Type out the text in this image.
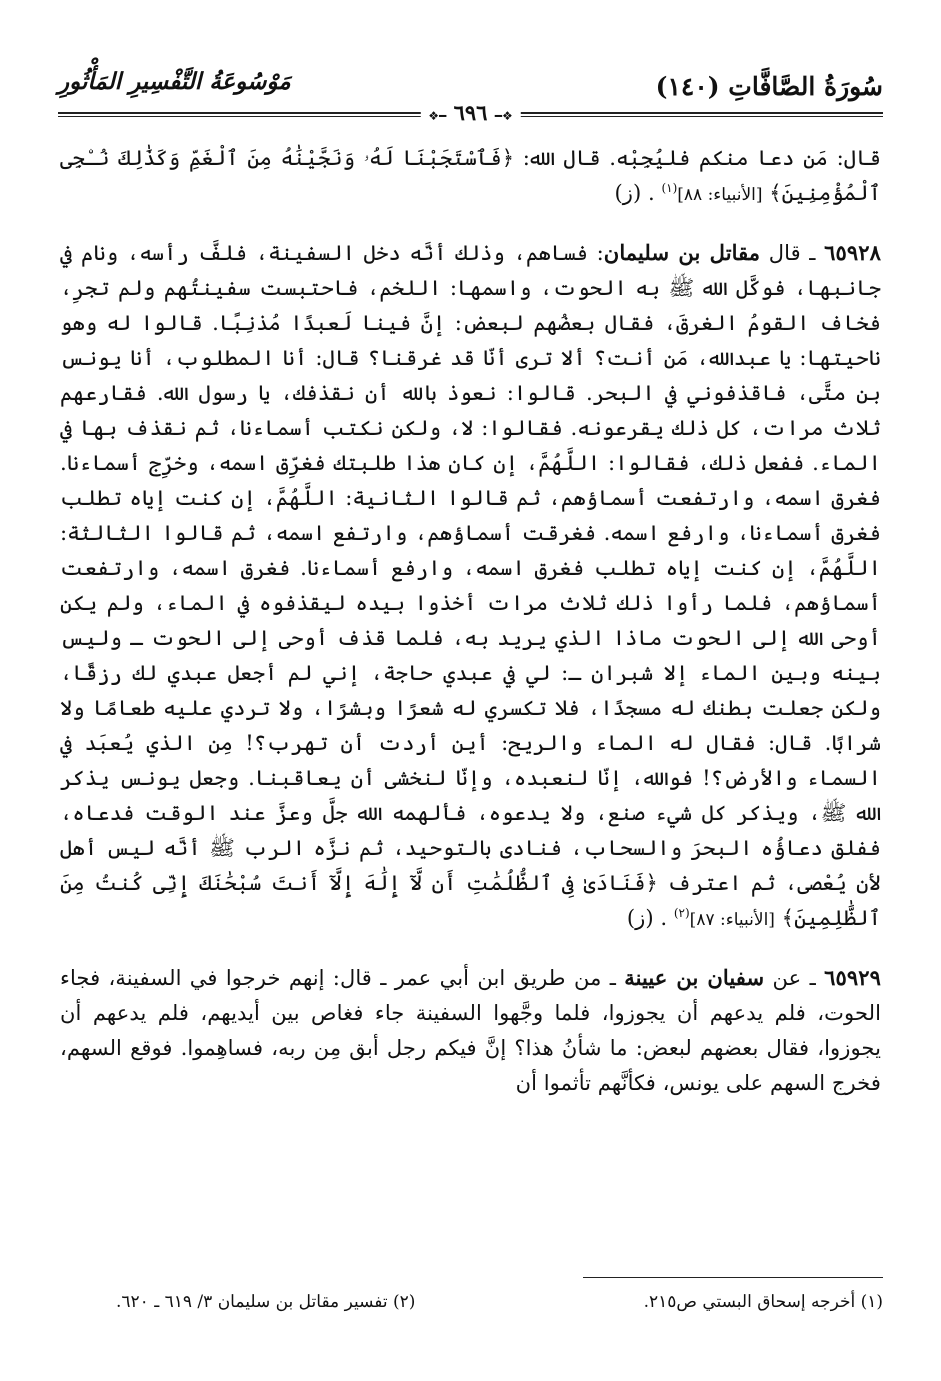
سُورَةُ الصَّافَّاتِ (١٤٠)
مَوْسُوعَةُ التَّفْسِيرِ المَأْثُورِ
❖━ ٦٩٦ ━❖

قال: مَن دعا منكم فليُجِبْه. قال الله: ﴿فَٱسْتَجَبْنَا لَهُۥ وَنَجَّيْنَٰهُ مِنَ ٱلْغَمِّ وَكَذَٰلِكَ نُـۨجِى ٱلْمُؤْمِنِينَ﴾ [الأنبياء: ٨٨]$^{(١)}$ . (ز)

٦٥٩٢٨ ـ قال مقاتل بن سليمان: فساهم، وذلك أنَّه دخل السفينة، فلفَّ رأسه، ونام في جانبها، فوكَّل الله ﷺ به الحوت، واسمها: اللخم، فاحتبست سفينتُهم ولم تجرِ، فخاف القومُ الغرقَ، فقال بعضُهم لبعض: إنَّ فينا لَعبدًا مُذنِبًا. قالوا له وهو ناحيتها: يا عبدالله، مَن أنت؟ ألا ترى أنّا قد غرقنا؟ قال: أنا المطلوب، أنا يونس بن متَّى، فاقذفوني في البحر. قالوا: نعوذ بالله أن نقذفك، يا رسول الله. فقارعهم ثلاث مرات، كل ذلك يقرعونه. فقالوا: لا، ولكن نكتب أسماءنا، ثم نقذف بها في الماء. ففعل ذلك، فقالوا: اللَّهُمَّ، إن كان هذا طلبتك فغرِّق اسمه، وخرِّج أسماءنا. فغرق اسمه، وارتفعت أسماؤهم، ثم قالوا الثانية: اللَّهُمَّ، إن كنت إياه تطلب فغرق أسماءنا، وارفع اسمه. فغرقت أسماؤهم، وارتفع اسمه، ثم قالوا الثالثة: اللَّهُمَّ، إن كنت إياه تطلب فغرق اسمه، وارفع أسماءنا. فغرق اسمه، وارتفعت أسماؤهم، فلما رأوا ذلك ثلاث مرات أخذوا بيده ليقذفوه في الماء، ولم يكن أوحى الله إلى الحوت ماذا الذي يريد به، فلما قذف أوحى إلى الحوت ـ وليس بينه وبين الماء إلا شبران ـ: لي في عبدي حاجة، إني لم أجعل عبدي لك رزقًا، ولكن جعلت بطنك له مسجدًا، فلا تكسري له شعرًا وبشرًا، ولا تردي عليه طعامًا ولا شرابًا. قال: فقال له الماء والريح: أين أردت أن تهرب؟! مِن الذي يُعبَد في السماء والأرض؟! فوالله، إنّا لنعبده، وإنّا لنخشى أن يعاقبنا. وجعل يونس يذكر الله ﷺ، ويذكر كل شيء صنع، ولا يدعوه، فألهمه الله جلَّ وعزَّ عند الوقت فدعاه، ففلق دعاؤُه البحرَ والسحاب، فنادى بالتوحيد، ثم نزَّه الرب ﷺ أنَّه ليس أهل لأن يُعْصى، ثم اعترف ﴿فَنَادَىٰ فِى ٱلظُّلُمَٰتِ أَن لَّآ إِلَٰهَ إِلَّآ أَنتَ سُبْحَٰنَكَ إِنِّى كُنتُ مِنَ ٱلظَّٰلِمِينَ﴾ [الأنبياء: ٨٧]$^{(٢)}$ . (ز)

٦٥٩٢٩ ـ عن سفيان بن عيينة ـ من طريق ابن أبي عمر ـ قال: إنهم خرجوا في السفينة، فجاء الحوت، فلم يدعهم أن يجوزوا، فلما وجَّهوا السفينة جاء فغاص بين أيديهم، فلم يدعهم أن يجوزوا، فقال بعضهم لبعض: ما شأنُ هذا؟ إنَّ فيكم رجل أبق مِن ربه، فساهِموا. فوقع السهم، فخرج السهم على يونس، فكأنَّهم تأثموا أن

(١) أخرجه إسحاق البستي ص٢١٥.
(٢) تفسير مقاتل بن سليمان ٣/ ٦١٩ ـ ٦٢٠.
